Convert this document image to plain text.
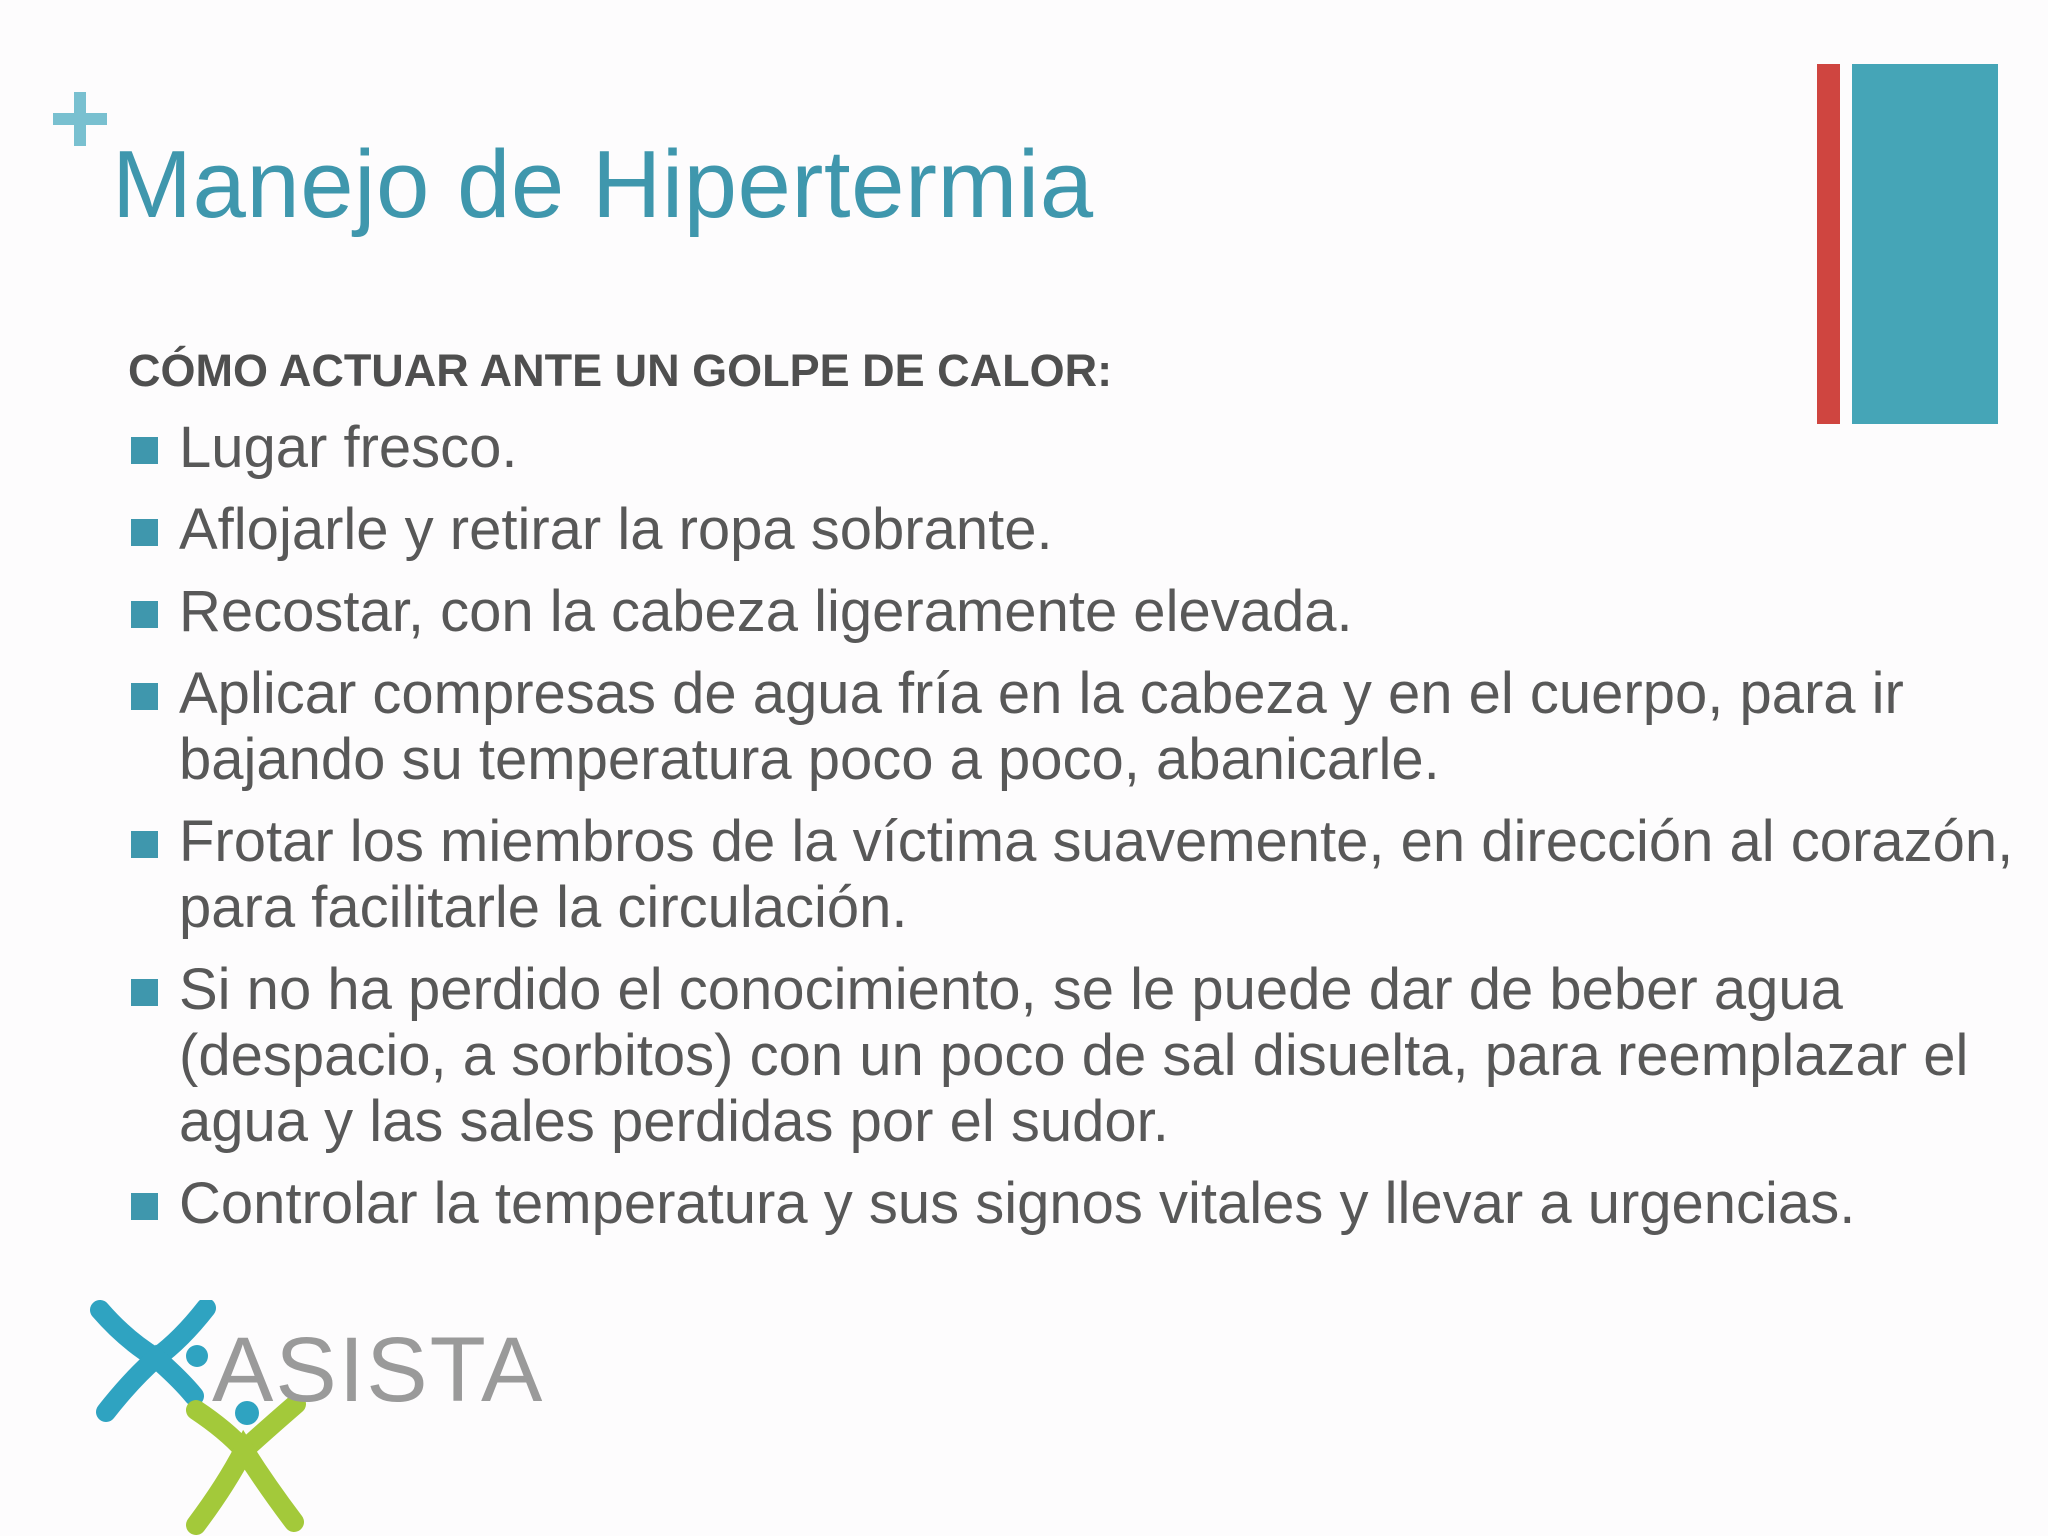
Manejo de Hipertermia
CÓMO ACTUAR ANTE UN GOLPE DE CALOR:
Lugar fresco.
Aflojarle y retirar la ropa sobrante.
Recostar, con la cabeza ligeramente elevada.
Aplicar compresas de agua fría en la cabeza y en el cuerpo, para ir bajando su temperatura poco a poco, abanicarle.
Frotar los miembros de la víctima suavemente, en dirección al corazón, para facilitarle la circulación.
Si no ha perdido el conocimiento, se le puede dar de beber agua (despacio, a sorbitos) con un poco de sal disuelta, para reemplazar el agua y las sales perdidas por el sudor.
Controlar la temperatura y sus signos vitales y llevar a urgencias.
ASISTA
